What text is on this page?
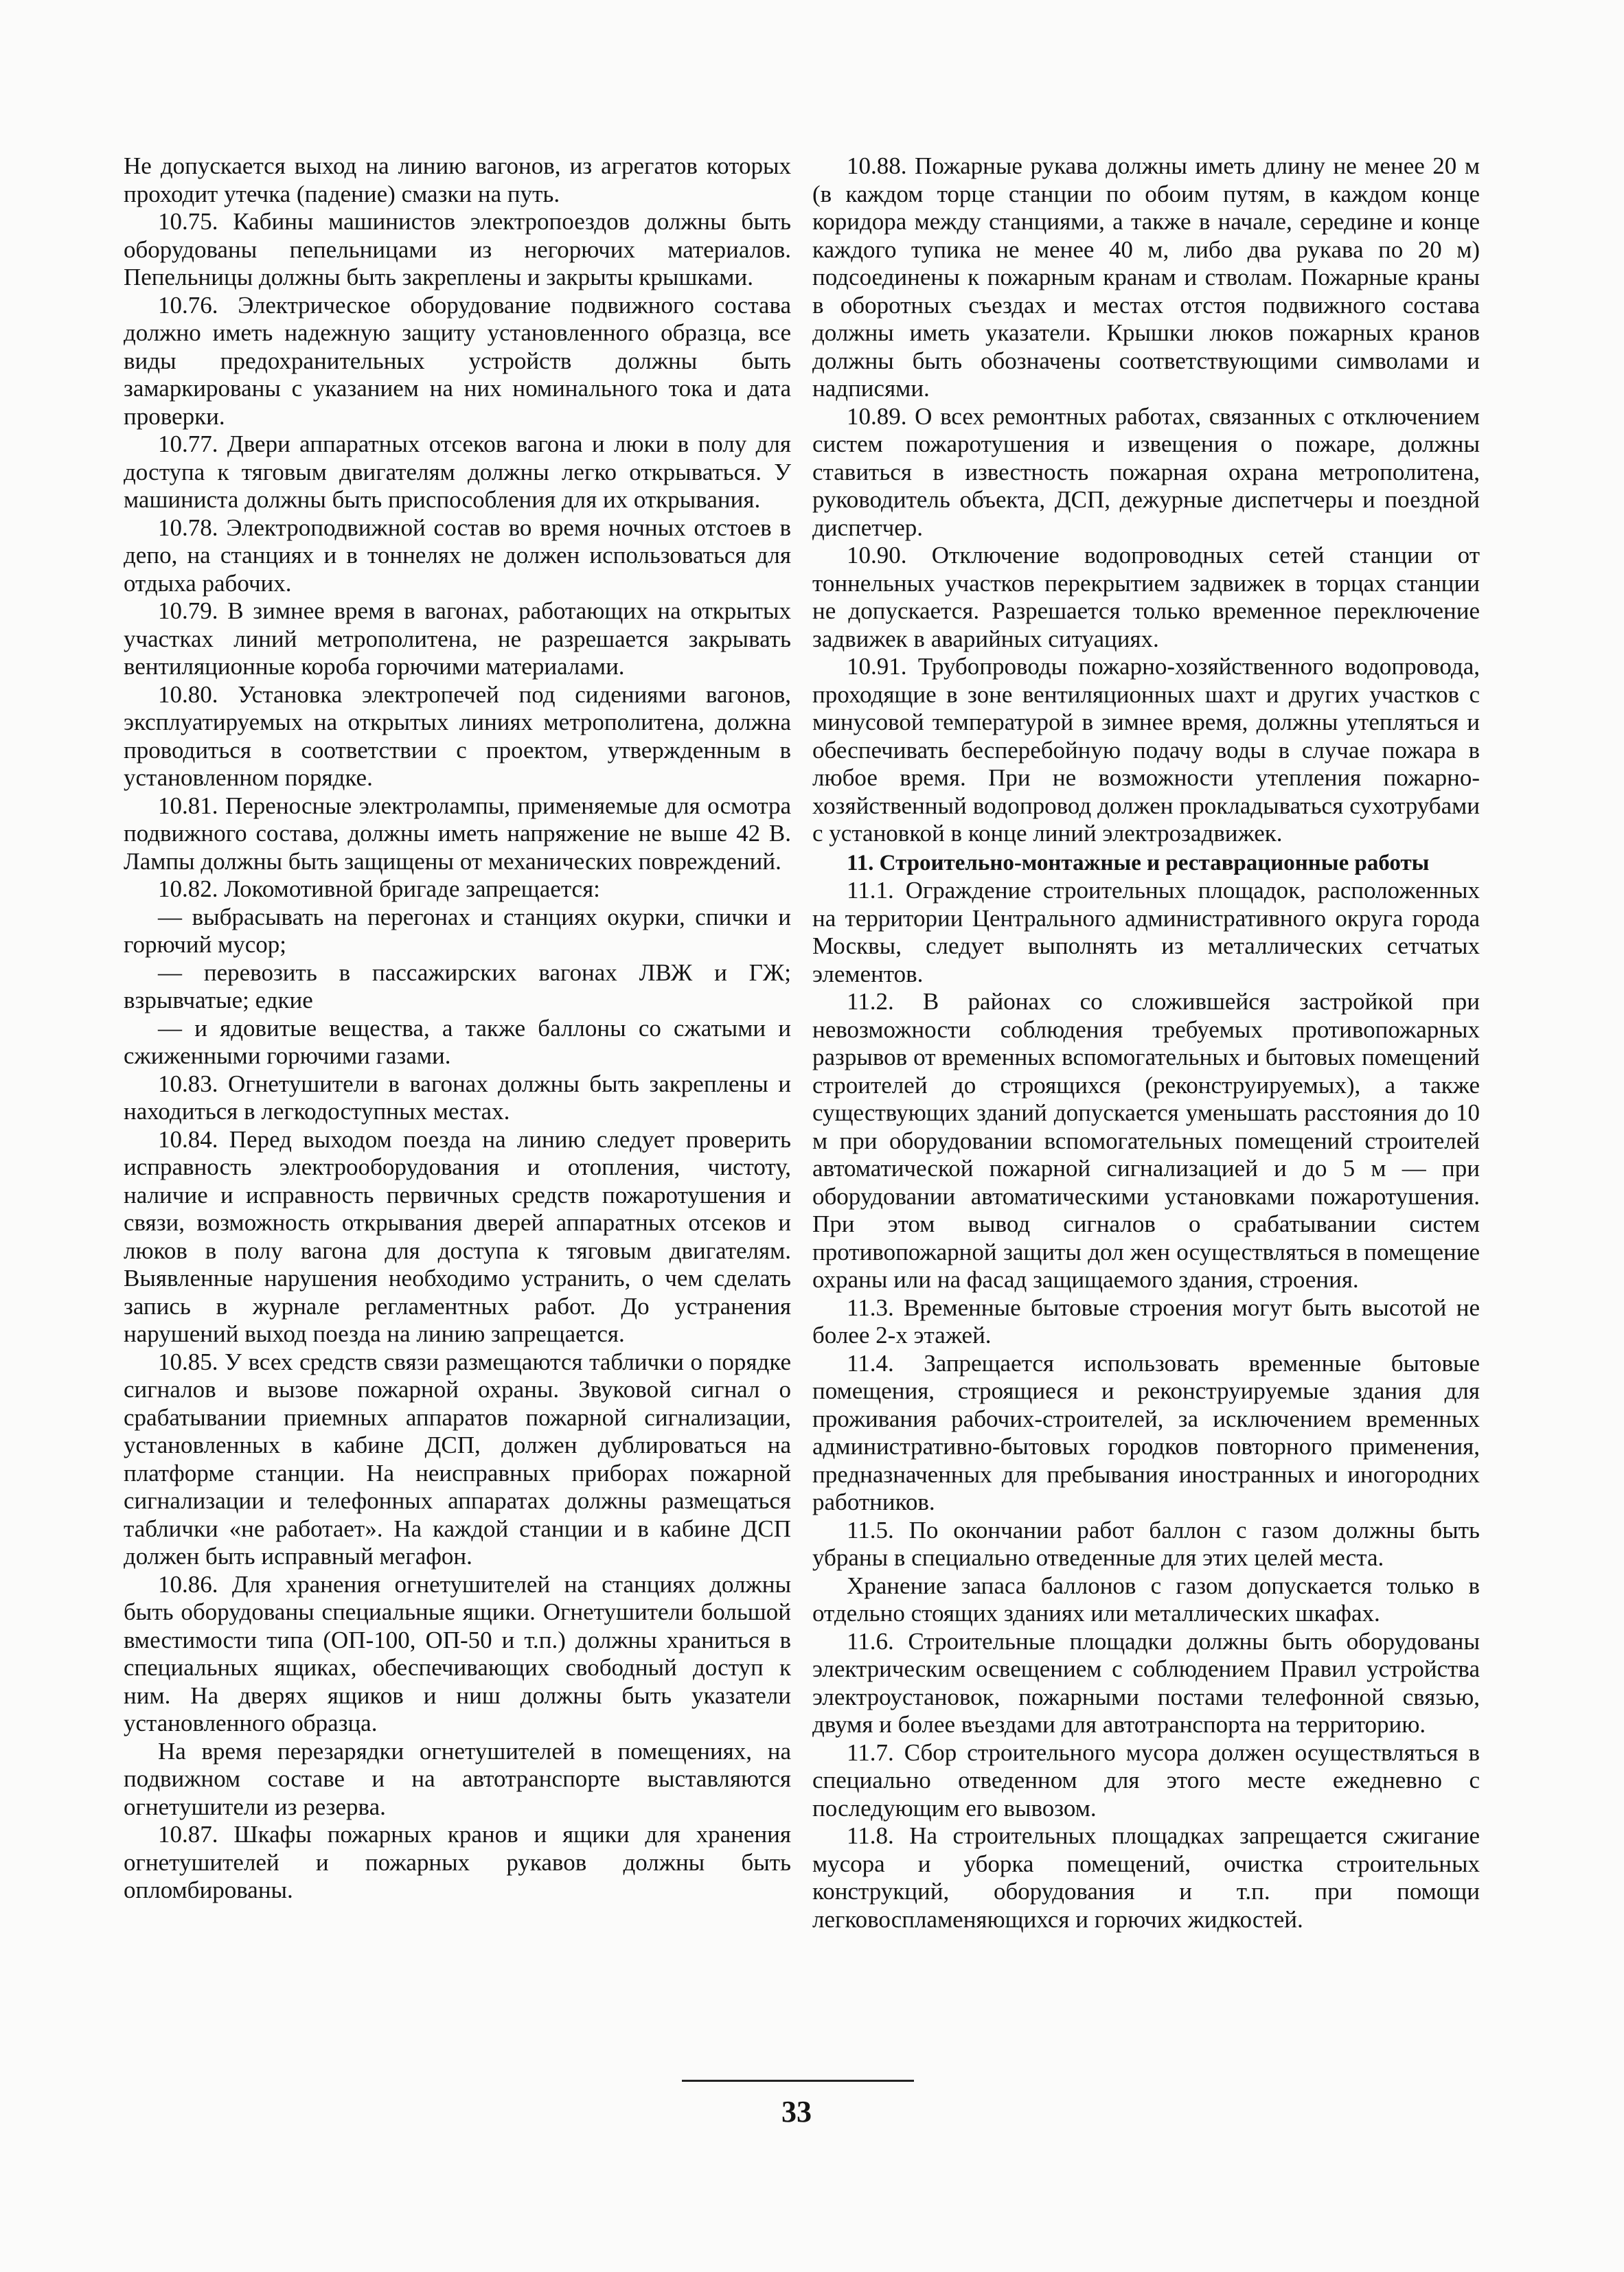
Не допускается выход на линию вагонов, из агрегатов которых проходит утечка (падение) смазки на путь.

10.75. Кабины машинистов электропоездов должны быть оборудованы пепельницами из негорючих материалов. Пепельницы должны быть закреплены и закрыты крышками.

10.76. Электрическое оборудование подвижного состава должно иметь надежную защиту установленного образца, все виды предохранительных устройств должны быть замаркированы с указанием на них номинального тока и дата проверки.

10.77. Двери аппаратных отсеков вагона и люки в полу для доступа к тяговым двигателям должны легко открываться. У машиниста должны быть приспособления для их открывания.

10.78. Электроподвижной состав во время ночных отстоев в депо, на станциях и в тоннелях не должен использоваться для отдыха рабочих.

10.79. В зимнее время в вагонах, работающих на открытых участках линий метрополитена, не разрешается закрывать вентиляционные короба горючими материалами.

10.80. Установка электропечей под сидениями вагонов, эксплуатируемых на открытых линиях метрополитена, должна проводиться в соответствии с проектом, утвержденным в установленном порядке.

10.81. Переносные электролампы, применяемые для осмотра подвижного состава, должны иметь напряжение не выше 42 В. Лампы должны быть защищены от механических повреждений.

10.82. Локомотивной бригаде запрещается:

— выбрасывать на перегонах и станциях окурки, спички и горючий мусор;

— перевозить в пассажирских вагонах ЛВЖ и ГЖ; взрывчатые; едкие

— и ядовитые вещества, а также баллоны со сжатыми и сжиженными горючими газами.

10.83. Огнетушители в вагонах должны быть закреплены и находиться в легкодоступных местах.

10.84. Перед выходом поезда на линию следует проверить исправность электрооборудования и отопления, чистоту, наличие и исправность первичных средств пожаротушения и связи, возможность открывания дверей аппаратных отсеков и люков в полу вагона для доступа к тяговым двигателям. Выявленные нарушения необходимо устранить, о чем сделать запись в журнале регламентных работ. До устранения нарушений выход поезда на линию запрещается.

10.85. У всех средств связи размещаются таблички о порядке сигналов и вызове пожарной охраны. Звуковой сигнал о срабатывании приемных аппаратов пожарной сигнализации, установленных в кабине ДСП, должен дублироваться на платформе станции. На неисправных приборах пожарной сигнализации и телефонных аппаратах должны размещаться таблички «не работает». На каждой станции и в кабине ДСП должен быть исправный мегафон.

10.86. Для хранения огнетушителей на станциях должны быть оборудованы специальные ящики. Огнетушители большой вместимости типа (ОП-100, ОП-50 и т.п.) должны храниться в специальных ящиках, обеспечивающих свободный доступ к ним. На дверях ящиков и ниш должны быть указатели установленного образца.

На время перезарядки огнетушителей в помещениях, на подвижном составе и на автотранспорте выставляются огнетушители из резерва.

10.87. Шкафы пожарных кранов и ящики для хранения огнетушителей и пожарных рукавов должны быть опломбированы.

10.88. Пожарные рукава должны иметь длину не менее 20 м (в каждом торце станции по обоим путям, в каждом конце коридора между станциями, а также в начале, середине и конце каждого тупика не менее 40 м, либо два рукава по 20 м) подсоединены к пожарным кранам и стволам. Пожарные краны в оборотных съездах и местах отстоя подвижного состава должны иметь указатели. Крышки люков пожарных кранов должны быть обозначены соответствующими символами и надписями.

10.89. О всех ремонтных работах, связанных с отключением систем пожаротушения и извещения о пожаре, должны ставиться в известность пожарная охрана метрополитена, руководитель объекта, ДСП, дежурные диспетчеры и поездной диспетчер.

10.90. Отключение водопроводных сетей станции от тоннельных участков перекрытием задвижек в торцах станции не допускается. Разрешается только временное переключение задвижек в аварийных ситуациях.

10.91. Трубопроводы пожарно-хозяйственного водопровода, проходящие в зоне вентиляционных шахт и других участков с минусовой температурой в зимнее время, должны утепляться и обеспечивать бесперебойную подачу воды в случае пожара в любое время. При не возможности утепления пожарно-хозяйственный водопровод должен прокладываться сухотрубами с установкой в конце линий электрозадвижек.

11. Строительно-монтажные и реставрационные работы

11.1. Ограждение строительных площадок, расположенных на территории Центрального административного округа города Москвы, следует выполнять из металлических сетчатых элементов.

11.2. В районах со сложившейся застройкой при невозможности соблюдения требуемых противопожарных разрывов от временных вспомогательных и бытовых помещений строителей до строящихся (реконструируемых), а также существующих зданий допускается уменьшать расстояния до 10 м при оборудовании вспомогательных помещений строителей автоматической пожарной сигнализацией и до 5 м — при оборудовании автоматическими установками пожаротушения. При этом вывод сигналов о срабатывании систем противопожарной защиты дол жен осуществляться в помещение охраны или на фасад защищаемого здания, строения.

11.3. Временные бытовые строения могут быть высотой не более 2-х этажей.

11.4. Запрещается использовать временные бытовые помещения, строящиеся и реконструируемые здания для проживания рабочих-строителей, за исключением временных административно-бытовых городков повторного применения, предназначенных для пребывания иностранных и иногородних работников.

11.5. По окончании работ баллон с газом должны быть убраны в специально отведенные для этих целей места.

Хранение запаса баллонов с газом допускается только в отдельно стоящих зданиях или металлических шкафах.

11.6. Строительные площадки должны быть оборудованы электрическим освещением с соблюдением Правил устройства электроустановок, пожарными постами телефонной связью, двумя и более въездами для автотранспорта на территорию.

11.7. Сбор строительного мусора должен осуществляться в специально отведенном для этого месте ежедневно с последующим его вывозом.

11.8. На строительных площадках запрещается сжигание мусора и уборка помещений, очистка строительных конструкций, оборудования и т.п. при помощи легковоспламеняющихся и горючих жидкостей.

33
